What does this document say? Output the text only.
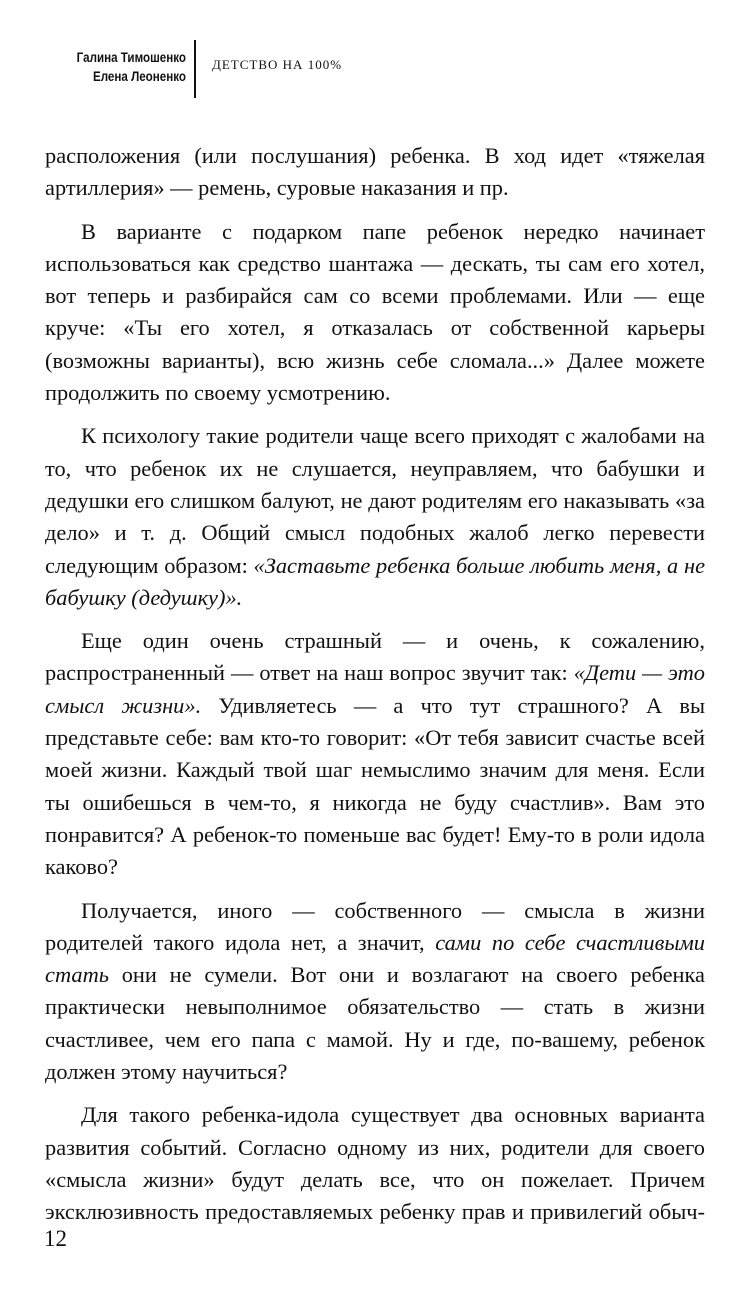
Галина Тимошенко
Елена Леоненко
ДЕТСТВО НА 100%

расположения (или послушания) ребенка. В ход идет «тяжелая артиллерия» — ремень, суровые наказания и пр.

В варианте с подарком папе ребенок нередко начинает использоваться как средство шантажа — дескать, ты сам его хотел, вот теперь и разбирайся сам со всеми проблемами. Или — еще круче: «Ты его хотел, я отказалась от собственной карьеры (возможны варианты), всю жизнь себе сломала...» Далее можете продолжить по своему усмотрению.

К психологу такие родители чаще всего приходят с жалобами на то, что ребенок их не слушается, неуправляем, что бабушки и дедушки его слишком балуют, не дают родителям его наказывать «за дело» и т. д. Общий смысл подобных жалоб легко перевести следующим образом: «Заставьте ребенка больше любить меня, а не бабушку (дедушку)».

Еще один очень страшный — и очень, к сожалению, распространенный — ответ на наш вопрос звучит так: «Дети — это смысл жизни». Удивляетесь — а что тут страшного? А вы представьте себе: вам кто-то говорит: «От тебя зависит счастье всей моей жизни. Каждый твой шаг немыслимо значим для меня. Если ты ошибешься в чем-то, я никогда не буду счастлив». Вам это понравится? А ребенок-то поменьше вас будет! Ему-то в роли идола каково?

Получается, иного — собственного — смысла в жизни родителей такого идола нет, а значит, сами по себе счастливыми стать они не сумели. Вот они и возлагают на своего ребенка практически невыполнимое обязательство — стать в жизни счастливее, чем его папа с мамой. Ну и где, по-вашему, ребенок должен этому научиться?

Для такого ребенка-идола существует два основных варианта развития событий. Согласно одному из них, родители для своего «смысла жизни» будут делать все, что он пожелает. Причем эксклюзивность предоставляемых ребенку прав и привилегий обыч-

12
